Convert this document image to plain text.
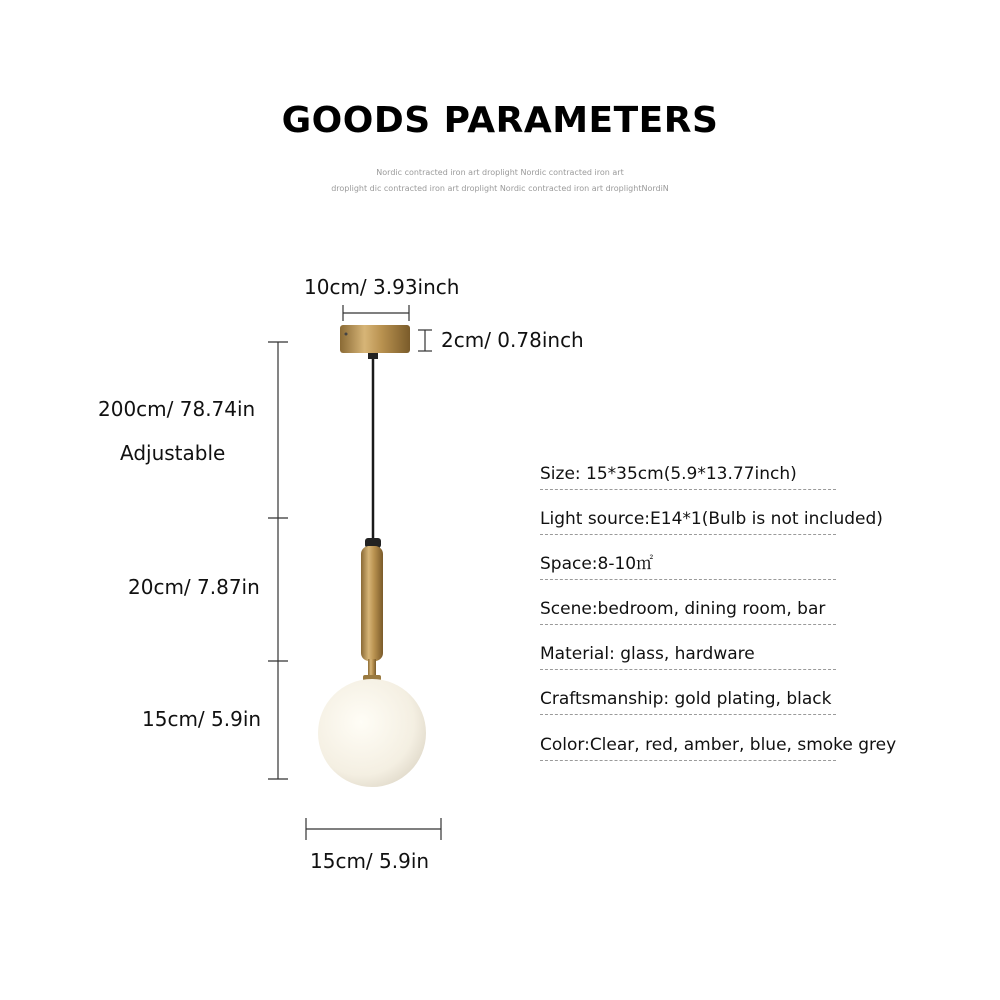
GOODS PARAMETERS
Nordic contracted iron art droplight Nordic contracted iron art
droplight dic contracted iron art droplight Nordic contracted iron art droplightNordiN
10cm/ 3.93inch
2cm/ 0.78inch
200cm/ 78.74in
Adjustable
20cm/ 7.87in
15cm/ 5.9in
15cm/ 5.9in
Size: 15*35cm(5.9*13.77inch)
Light source:E14*1(Bulb is not included)
Space:8-10㎡
Scene:bedroom, dining room, bar
Material: glass, hardware
Craftsmanship: gold plating, black
Color:Clear, red, amber, blue, smoke grey
